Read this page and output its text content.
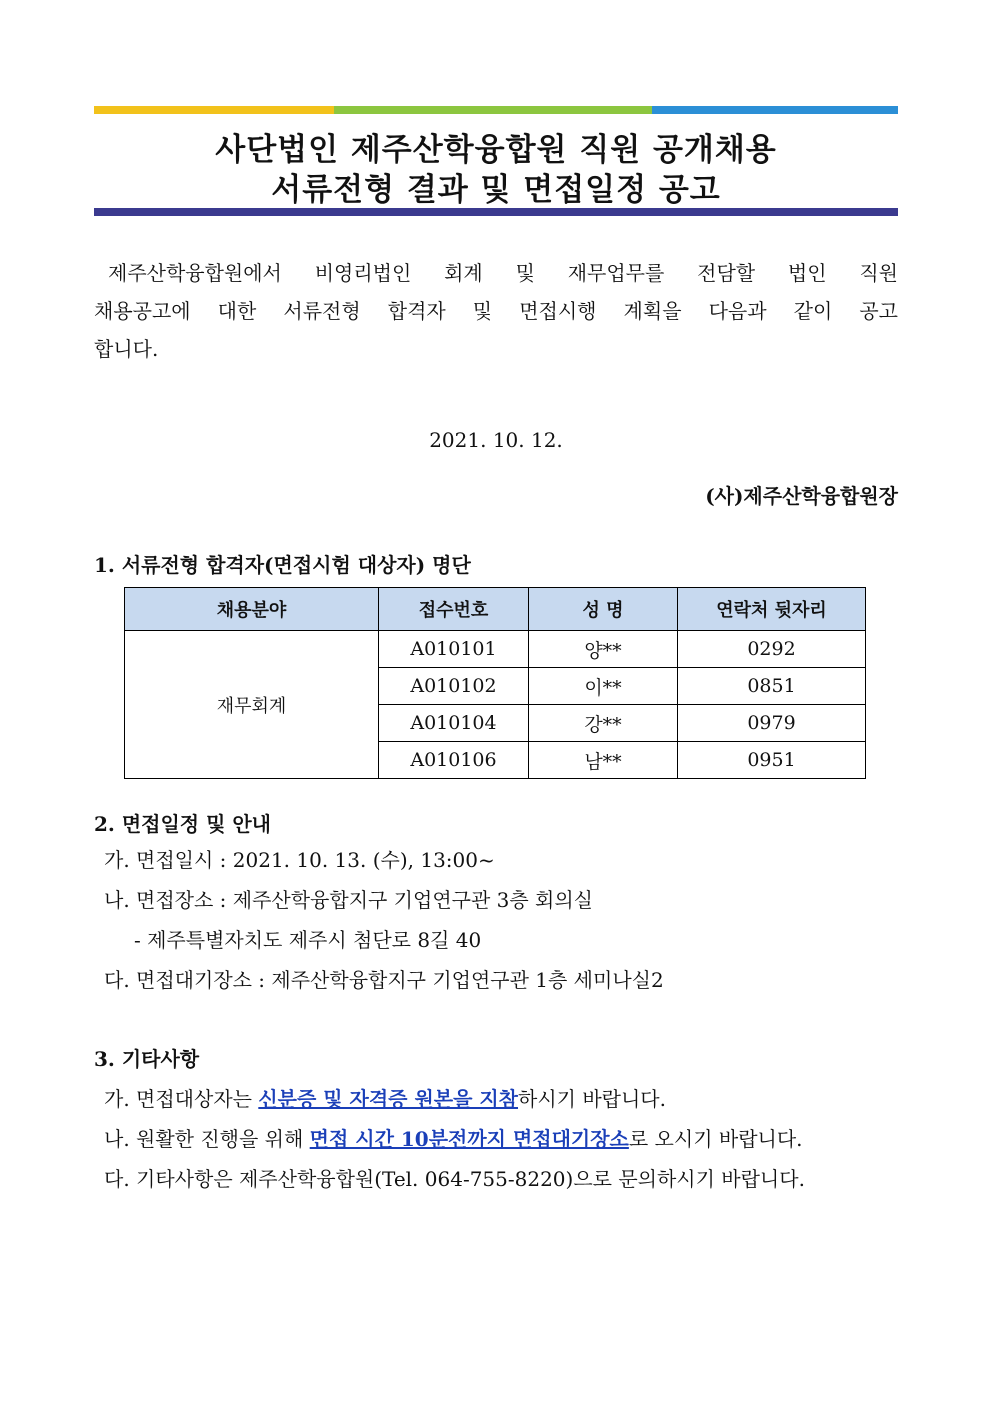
사단법인 제주산학융합원 직원 공개채용
서류전형 결과 및 면접일정 공고
제주산학융합원에서 비영리법인 회계 및 재무업무를 전담할 법인 직원
채용공고에 대한 서류전형 합격자 및 면접시행 계획을 다음과 같이 공고
합니다.
2021. 10. 12.
(사)제주산학융합원장
1. 서류전형 합격자(면접시험 대상자) 명단
채용분야	접수번호	성 명	연락처 뒷자리
재무회계	A010101	양**	0292
	A010102	이**	0851
	A010104	강**	0979
	A010106	남**	0951
2. 면접일정 및 안내
가. 면접일시 : 2021. 10. 13. (수), 13:00~
나. 면접장소 : 제주산학융합지구 기업연구관 3층 회의실
- 제주특별자치도 제주시 첨단로 8길 40
다. 면접대기장소 : 제주산학융합지구 기업연구관 1층 세미나실2
3. 기타사항
가. 면접대상자는 신분증 및 자격증 원본을 지참하시기 바랍니다.
나. 원활한 진행을 위해 면접 시간 10분전까지 면접대기장소로 오시기 바랍니다.
다. 기타사항은 제주산학융합원(Tel. 064-755-8220)으로 문의하시기 바랍니다.
